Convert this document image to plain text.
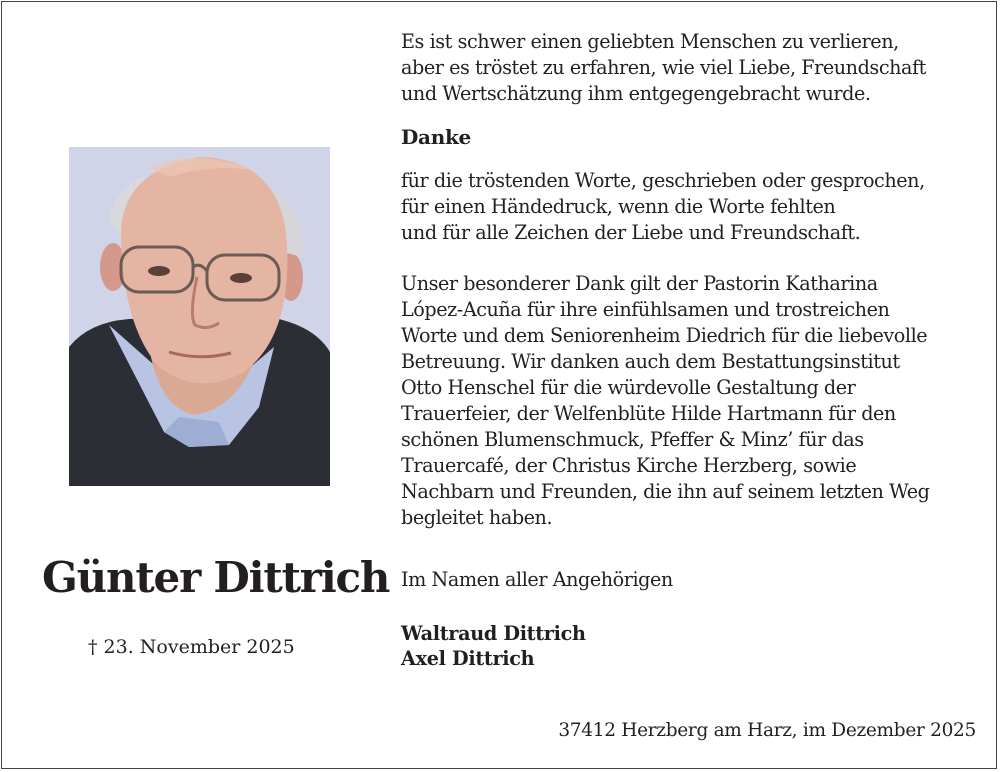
Günter Dittrich
† 23. November 2025
Es ist schwer einen geliebten Menschen zu verlieren,
aber es tröstet zu erfahren, wie viel Liebe, Freundschaft
und Wertschätzung ihm entgegengebracht wurde.
Danke
für die tröstenden Worte, geschrieben oder gesprochen,
für einen Händedruck, wenn die Worte fehlten
und für alle Zeichen der Liebe und Freundschaft.
Unser besonderer Dank gilt der Pastorin Katharina
López-Acuña für ihre einfühlsamen und trostreichen
Worte und dem Seniorenheim Diedrich für die liebevolle
Betreuung. Wir danken auch dem Bestattungsinstitut
Otto Henschel für die würdevolle Gestaltung der
Trauerfeier, der Welfenblüte Hilde Hartmann für den
schönen Blumenschmuck, Pfeffer & Minz’ für das
Trauercafé, der Christus Kirche Herzberg, sowie
Nachbarn und Freunden, die ihn auf seinem letzten Weg
begleitet haben.
Im Namen aller Angehörigen
Waltraud Dittrich
Axel Dittrich
37412 Herzberg am Harz, im Dezember 2025
